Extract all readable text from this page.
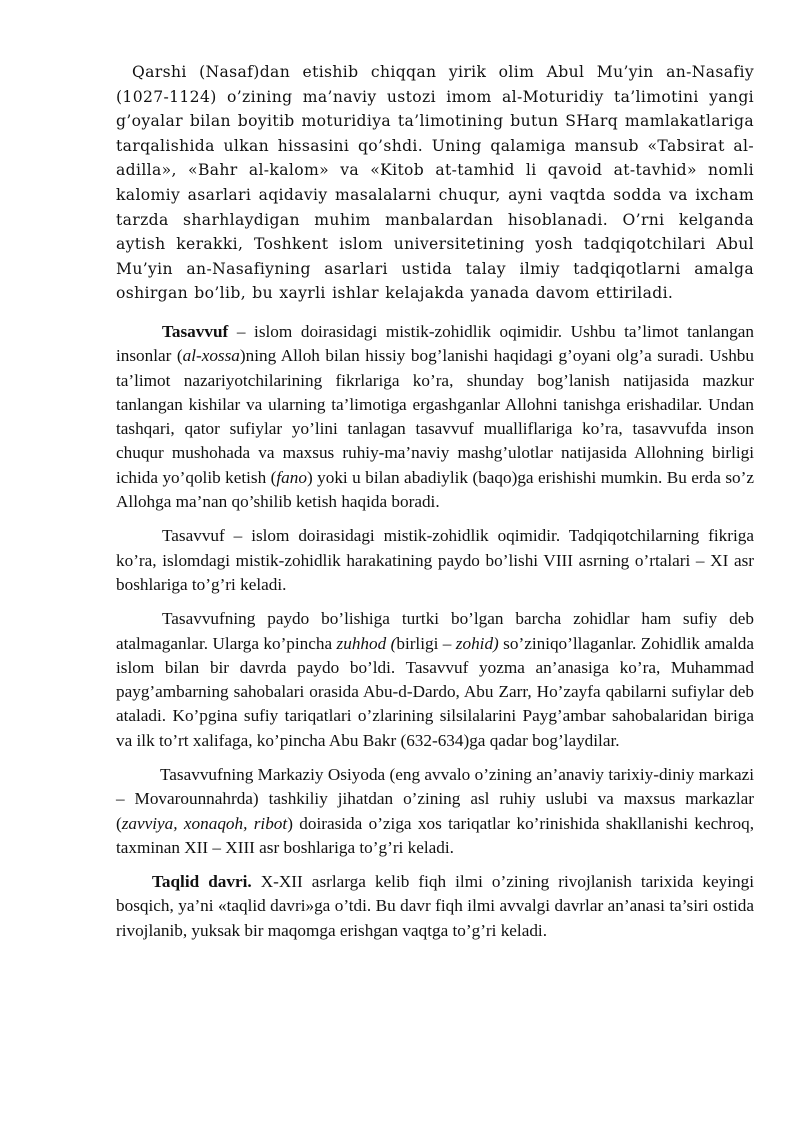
Qarshi (Nasaf)dan etishib chiqqan yirik olim Abul Mu’yin an-Nasafiy (1027-1124) o’zining ma’naviy ustozi imom al-Moturidiy ta’limotini yangi g’oyalar bilan boyitib moturidiya ta’limotining butun SHarq mamlakatlariga tarqalishida ulkan hissasini qo’shdi. Uning qalamiga mansub «Tabsirat al-adilla», «Bahr al-kalom» va «Kitob at-tamhid li qavoid at-tavhid» nomli kalomiy asarlari aqidaviy masalalarni chuqur, ayni vaqtda sodda va ixcham tarzda sharhlaydigan muhim manbalardan hisoblanadi. O’rni kelganda aytish kerakki, Toshkent islom universitetining yosh tadqiqotchilari Abul Mu’yin an-Nasafiyning asarlari ustida talay ilmiy tadqiqotlarni amalga oshirgan bo’lib, bu xayrli ishlar kelajakda yanada davom ettiriladi.

Tasavvuf – islom doirasidagi mistik-zohidlik oqimidir. Ushbu ta’limot tanlangan insonlar (al-xossa)ning Alloh bilan hissiy bog’lanishi haqidagi g’oyani olg’a suradi. Ushbu ta’limot nazariyotchilarining fikrlariga ko’ra, shunday bog’lanish natijasida mazkur tanlangan kishilar va ularning ta’limotiga ergashganlar Allohni tanishga erishadilar. Undan tashqari, qator sufiylar yo’lini tanlagan tasavvuf mualliflariga ko’ra, tasavvufda inson chuqur mushohada va maxsus ruhiy-ma’naviy mashg’ulotlar natijasida Allohning birligi ichida yo’qolib ketish (fano) yoki u bilan abadiylik (baqo)ga erishishi mumkin. Bu erda so’z Allohga ma’nan qo’shilib ketish haqida boradi.

Tasavvuf – islom doirasidagi mistik-zohidlik oqimidir. Tadqiqotchilarning fikriga ko’ra, islomdagi mistik-zohidlik harakatining paydo bo’lishi VIII asrning o’rtalari – XI asr boshlariga to’g’ri keladi.

Tasavvufning paydo bo’lishiga turtki bo’lgan barcha zohidlar ham sufiy deb atalmaganlar. Ularga ko’pincha zuhhod (birligi – zohid) so’ziniqo’llaganlar. Zohidlik amalda islom bilan bir davrda paydo bo’ldi. Tasavvuf yozma an’anasiga ko’ra, Muhammad payg’ambarning sahobalari orasida Abu-d-Dardo, Abu Zarr, Ho’zayfa qabilarni sufiylar deb ataladi. Ko’pgina sufiy tariqatlari o’zlarining silsilalarini Payg’ambar sahobalaridan biriga va ilk to’rt xalifaga, ko’pincha Abu Bakr (632-634)ga qadar bog’laydilar.

Tasavvufning Markaziy Osiyoda (eng avvalo o’zining an’anaviy tarixiy-diniy markazi – Movarounnahrda) tashkiliy jihatdan o’zining asl ruhiy uslubi va maxsus markazlar (zavviya, xonaqoh, ribot) doirasida o’ziga xos tariqatlar ko’rinishida shakllanishi kechroq, taxminan XII – XIII asr boshlariga to’g’ri keladi.

Taqlid davri. X-XII asrlarga kelib fiqh ilmi o’zining rivojlanish tarixida keyingi bosqich, ya’ni «taqlid davri»ga o’tdi. Bu davr fiqh ilmi avvalgi davrlar an’anasi ta’siri ostida rivojlanib, yuksak bir maqomga erishgan vaqtga to’g’ri keladi.
